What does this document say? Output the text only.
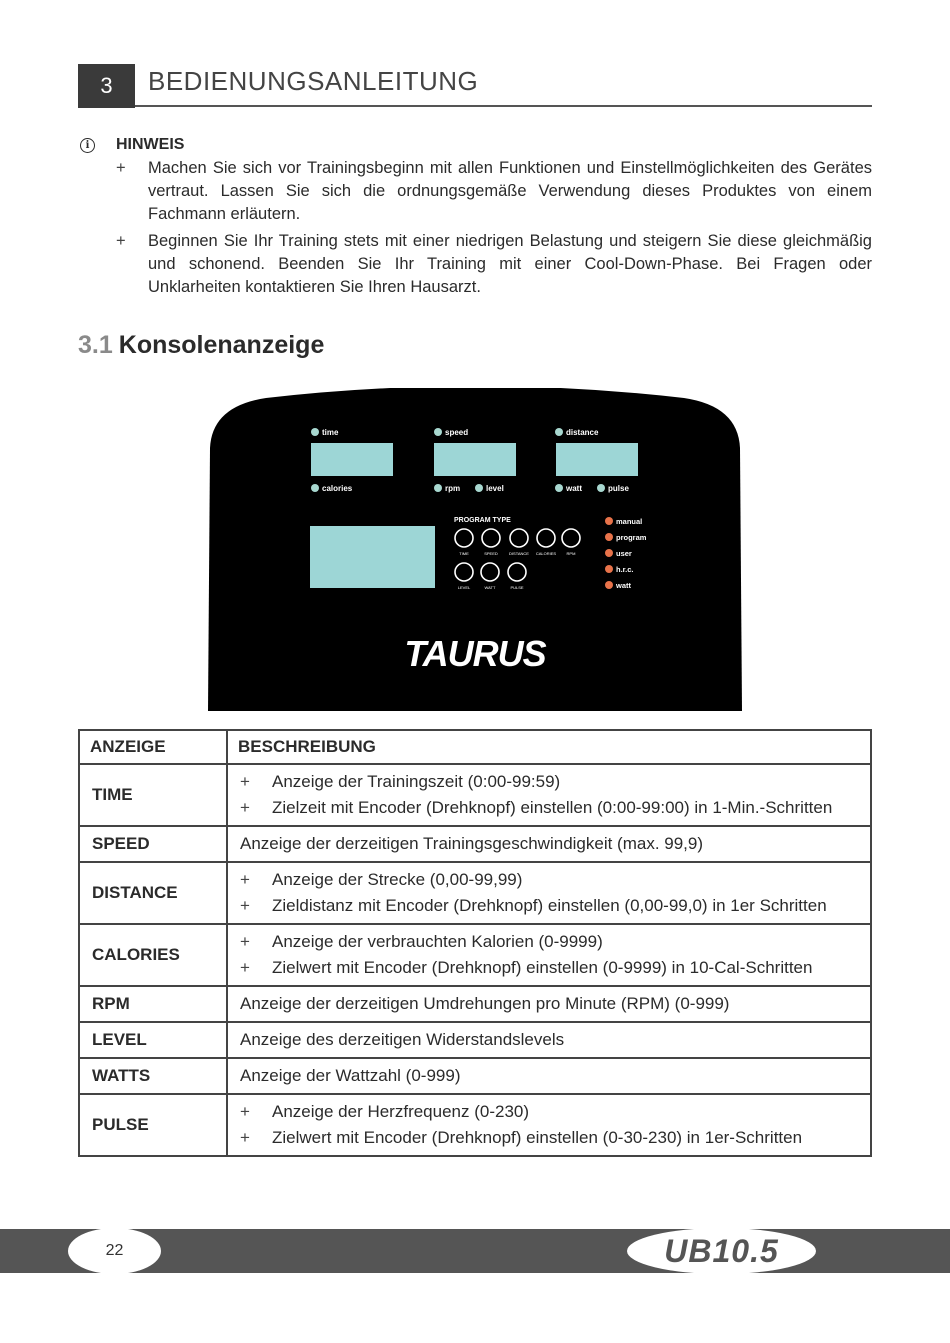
3	BEDIENUNGSANLEITUNG
i	HINWEIS
+ Machen Sie sich vor Trainingsbeginn mit allen Funktionen und Einstellmöglichkeiten des Gerätes vertraut. Lassen Sie sich die ordnungsgemäße Verwendung dieses Produktes von einem Fachmann erläutern.
+ Beginnen Sie Ihr Training stets mit einer niedrigen Belastung und steigern Sie diese gleichmäßig und schonend. Beenden Sie Ihr Training mit einer Cool-Down-Phase. Bei Fragen oder Unklarheiten kontaktieren Sie Ihren Hausarzt.
3.1 Konsolenanzeige
time	speed	distance
calories	rpm	level	watt	pulse
PROGRAM TYPE
TIME	SPEED	DISTANCE CALORIES	RPM
LEVEL	WATT	PULSE
manual
program
user
h.r.c.
watt
TAURUS
ANZEIGE	BESCHREIBUNG
TIME	+ Anzeige der Trainingszeit (0:00-99:59)
+ Zielzeit mit Encoder (Drehknopf) einstellen (0:00-99:00) in 1-Min.-Schritten

SPEED	Anzeige der derzeitigen Trainingsgeschwindigkeit (max. 99,9)
DISTANCE	+ Anzeige der Strecke (0,00-99,99)
+ Zieldistanz mit Encoder (Drehknopf) einstellen (0,00-99,0) in 1er Schritten

CALORIES	+ Anzeige der verbrauchten Kalorien (0-9999)
+ Zielwert mit Encoder (Drehknopf) einstellen (0-9999) in 10-Cal-Schritten

RPM	Anzeige der derzeitigen Umdrehungen pro Minute (RPM) (0-999)
LEVEL	Anzeige des derzeitigen Widerstandslevels
WATTS	Anzeige der Wattzahl (0-999)
PULSE	+ Anzeige der Herzfrequenz (0-230)
+ Zielwert mit Encoder (Drehknopf) einstellen (0-30-230) in 1er-Schritten
22	UB10.5
